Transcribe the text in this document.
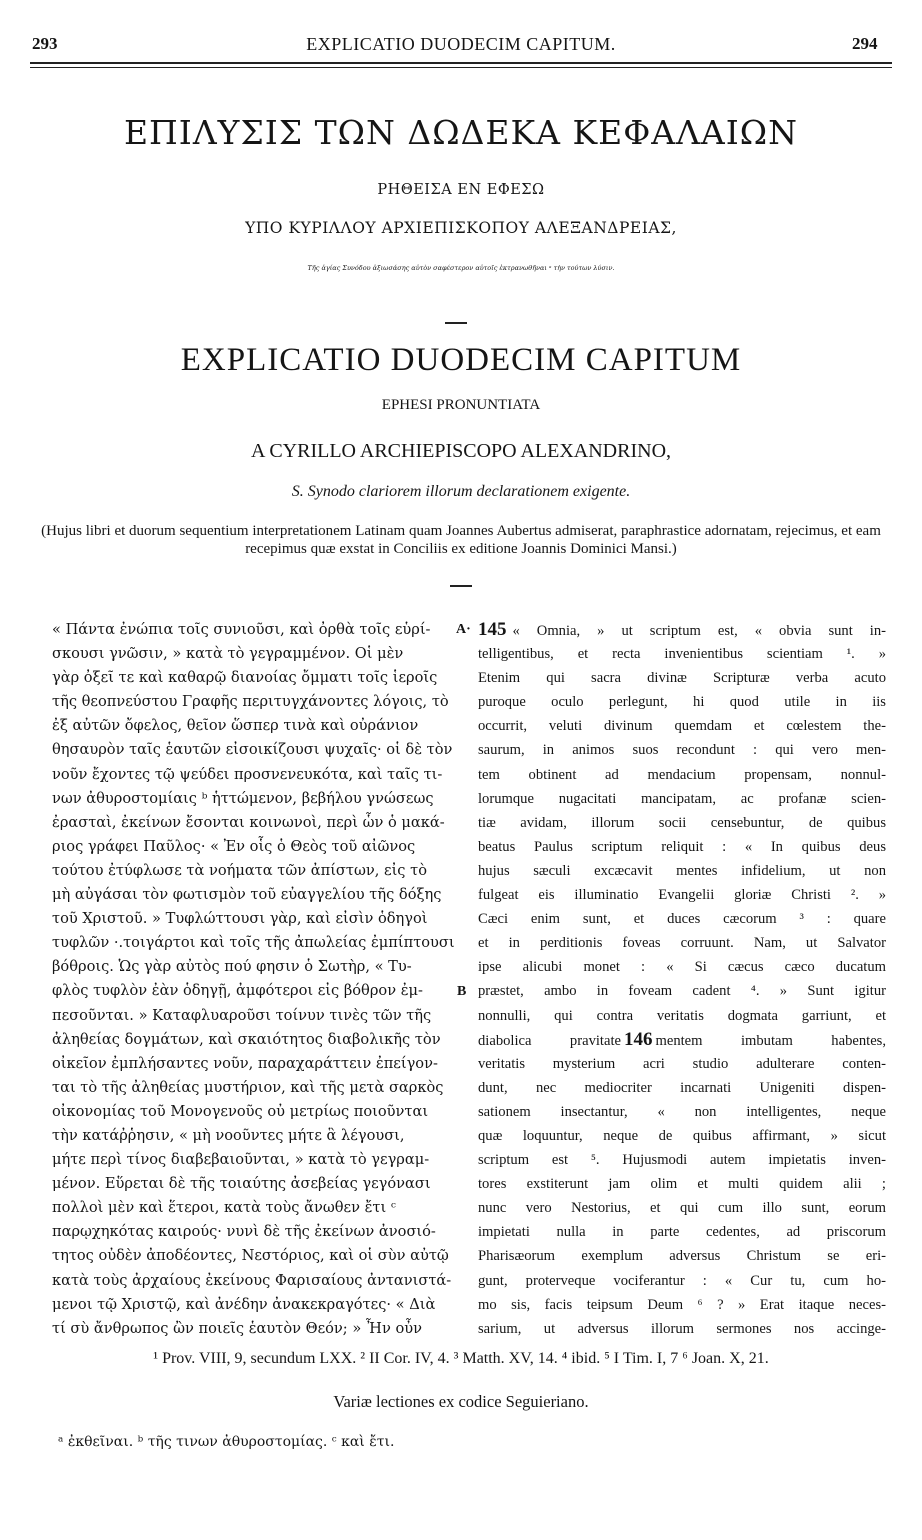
293	EXPLICATIO DUODECIM CAPITUM.	294
ΕΠΙΛΥΣΙΣ ΤΩΝ ΔΩΔΕΚΑ ΚΕΦΑΛΑΙΩΝ
ΡΗΘΕΙΣΑ ΕΝ ΕΦΕΣΩ
ΥΠΟ ΚΥΡΙΛΛΟΥ ΑΡΧΙΕΠΙΣΚΟΠΟΥ ΑΛΕΞΑΝΔΡΕΙΑΣ,
Τῆς ἁγίας Συνόδου ἀξιωσάσης αὐτὸν σαφέστερον αὐτοῖς ἐκτρανωθῆναι ᵃ τὴν τούτων λύσιν.
EXPLICATIO DUODECIM CAPITUM
EPHESI PRONUNTIATA
A CYRILLO ARCHIEPISCOPO ALEXANDRINO,
S. Synodo clariorem illorum declarationem exigente.
(Hujus libri et duorum sequentium interpretationem Latinam quam Joannes Aubertus admiserat, paraphrastice adornatam, rejecimus, et eam recepimus quæ exstat in Conciliis ex editione Joannis Dominici Mansi.)
« Πάντα ἐνώπια τοῖς συνιοῦσι, καὶ ὀρθὰ τοῖς εὑρί-
σκουσι γνῶσιν, » κατὰ τὸ γεγραμμένον. Οἱ μὲν
γὰρ ὀξεῖ τε καὶ καθαρῷ διανοίας ὄμματι τοῖς ἱεροῖς
τῆς θεοπνεύστου Γραφῆς περιτυγχάνοντες λόγοις, τὸ
ἐξ αὐτῶν ὄφελος, θεῖον ὥσπερ τινὰ καὶ οὐράνιον
θησαυρὸν ταῖς ἑαυτῶν εἰσοικίζουσι ψυχαῖς· οἱ δὲ τὸν
νοῦν ἔχοντες τῷ ψεύδει προσνενευκότα, καὶ ταῖς τι-
νων ἀθυροστομίαις ᵇ ἡττώμενον, βεβήλου γνώσεως
ἐρασταὶ, ἐκείνων ἔσονται κοινωνοὶ, περὶ ὧν ὁ μακά-
ριος γράφει Παῦλος· « Ἐν οἷς ὁ Θεὸς τοῦ αἰῶνος
τούτου ἐτύφλωσε τὰ νοήματα τῶν ἀπίστων, εἰς τὸ
μὴ αὐγάσαι τὸν φωτισμὸν τοῦ εὐαγγελίου τῆς δόξης
τοῦ Χριστοῦ. » Τυφλώττουσι γὰρ, καὶ εἰσὶν ὁδηγοὶ
τυφλῶν ·.τοιγάρτοι καὶ τοῖς τῆς ἀπωλείας ἐμπίπτουσι
βόθροις. Ὡς γὰρ αὐτὸς πού φησιν ὁ Σωτὴρ, « Τυ-
φλὸς τυφλὸν ἐὰν ὁδηγῇ, ἀμφότεροι εἰς βόθρον ἐμ-
πεσοῦνται. » Καταφλυαροῦσι τοίνυν τινὲς τῶν τῆς
ἀληθείας δογμάτων, καὶ σκαιότητος διαβολικῆς τὸν
οἰκεῖον ἐμπλήσαντες νοῦν, παραχαράττειν ἐπείγον-
ται τὸ τῆς ἀληθείας μυστήριον, καὶ τῆς μετὰ σαρκὸς
οἰκονομίας τοῦ Μονογενοῦς οὐ μετρίως ποιοῦνται
τὴν κατάῤῥησιν, « μὴ νοοῦντες μήτε ἃ λέγουσι,
μήτε περὶ τίνος διαβεβαιοῦνται, » κατὰ τὸ γεγραμ-
μένον. Εὕρεται δὲ τῆς τοιαύτης ἀσεβείας γεγόνασι
πολλοὶ μὲν καὶ ἕτεροι, κατὰ τοὺς ἄνωθεν ἔτι ᶜ
παρῳχηκότας καιρούς· νυνὶ δὲ τῆς ἐκείνων ἀνοσιό-
τητος οὐδὲν ἀποδέοντες, Νεστόριος, καὶ οἱ σὺν αὐτῷ
κατὰ τοὺς ἀρχαίους ἐκείνους Φαρισαίους ἀντανιστά-
μενοι τῷ Χριστῷ, καὶ ἀνέδην ἀνακεκραγότες· « Διὰ
τί σὺ ἄνθρωπος ὢν ποιεῖς ἑαυτὸν Θεόν; » Ἦν οὖν
A·
B
145 « Omnia, » ut scriptum est, « obvia sunt in-
telligentibus, et recta invenientibus scientiam ¹. »
Etenim qui sacra divinæ Scripturæ verba acuto
puroque oculo perlegunt, hi quod utile in iis
occurrit, veluti divinum quemdam et cœlestem the-
saurum, in animos suos recondunt : qui vero men-
tem obtinent ad mendacium propensam, nonnul-
lorumque nugacitati mancipatam, ac profanæ scien-
tiæ avidam, illorum socii censebuntur, de quibus
beatus Paulus scriptum reliquit : « In quibus deus
hujus sæculi excæcavit mentes infidelium, ut non
fulgeat eis illuminatio Evangelii gloriæ Christi ². »
Cæci enim sunt, et duces cæcorum ³ : quare
et in perditionis foveas corruunt. Nam, ut Salvator
ipse alicubi monet : « Si cæcus cæco ducatum
præstet, ambo in foveam cadent ⁴. » Sunt igitur
nonnulli, qui contra veritatis dogmata garriunt, et
diabolica pravitate 146 mentem imbutam habentes,
veritatis mysterium acri studio adulterare conten-
dunt, nec mediocriter incarnati Unigeniti dispen-
sationem insectantur, « non intelligentes, neque
quæ loquuntur, neque de quibus affirmant, » sicut
scriptum est ⁵. Hujusmodi autem impietatis inven-
tores exstiterunt jam olim et multi quidem alii ;
nunc vero Nestorius, et qui cum illo sunt, eorum
impietati nulla in parte cedentes, ad priscorum
Pharisæorum exemplum adversus Christum se eri-
gunt, proterveque vociferantur : « Cur tu, cum ho-
mo sis, facis teipsum Deum ⁶ ? » Erat itaque neces-
sarium, ut adversus illorum sermones nos accinge-
¹ Prov. VIII, 9, secundum LXX. ² II Cor. IV, 4. ³ Matth. XV, 14. ⁴ ibid. ⁵ I Tim. I, 7 ⁶ Joan. X, 21.
Variæ lectiones ex codice Seguieriano.
ᵃ ἐκθεῖναι. ᵇ τῆς τινων ἀθυροστομίας. ᶜ καὶ ἔτι.
